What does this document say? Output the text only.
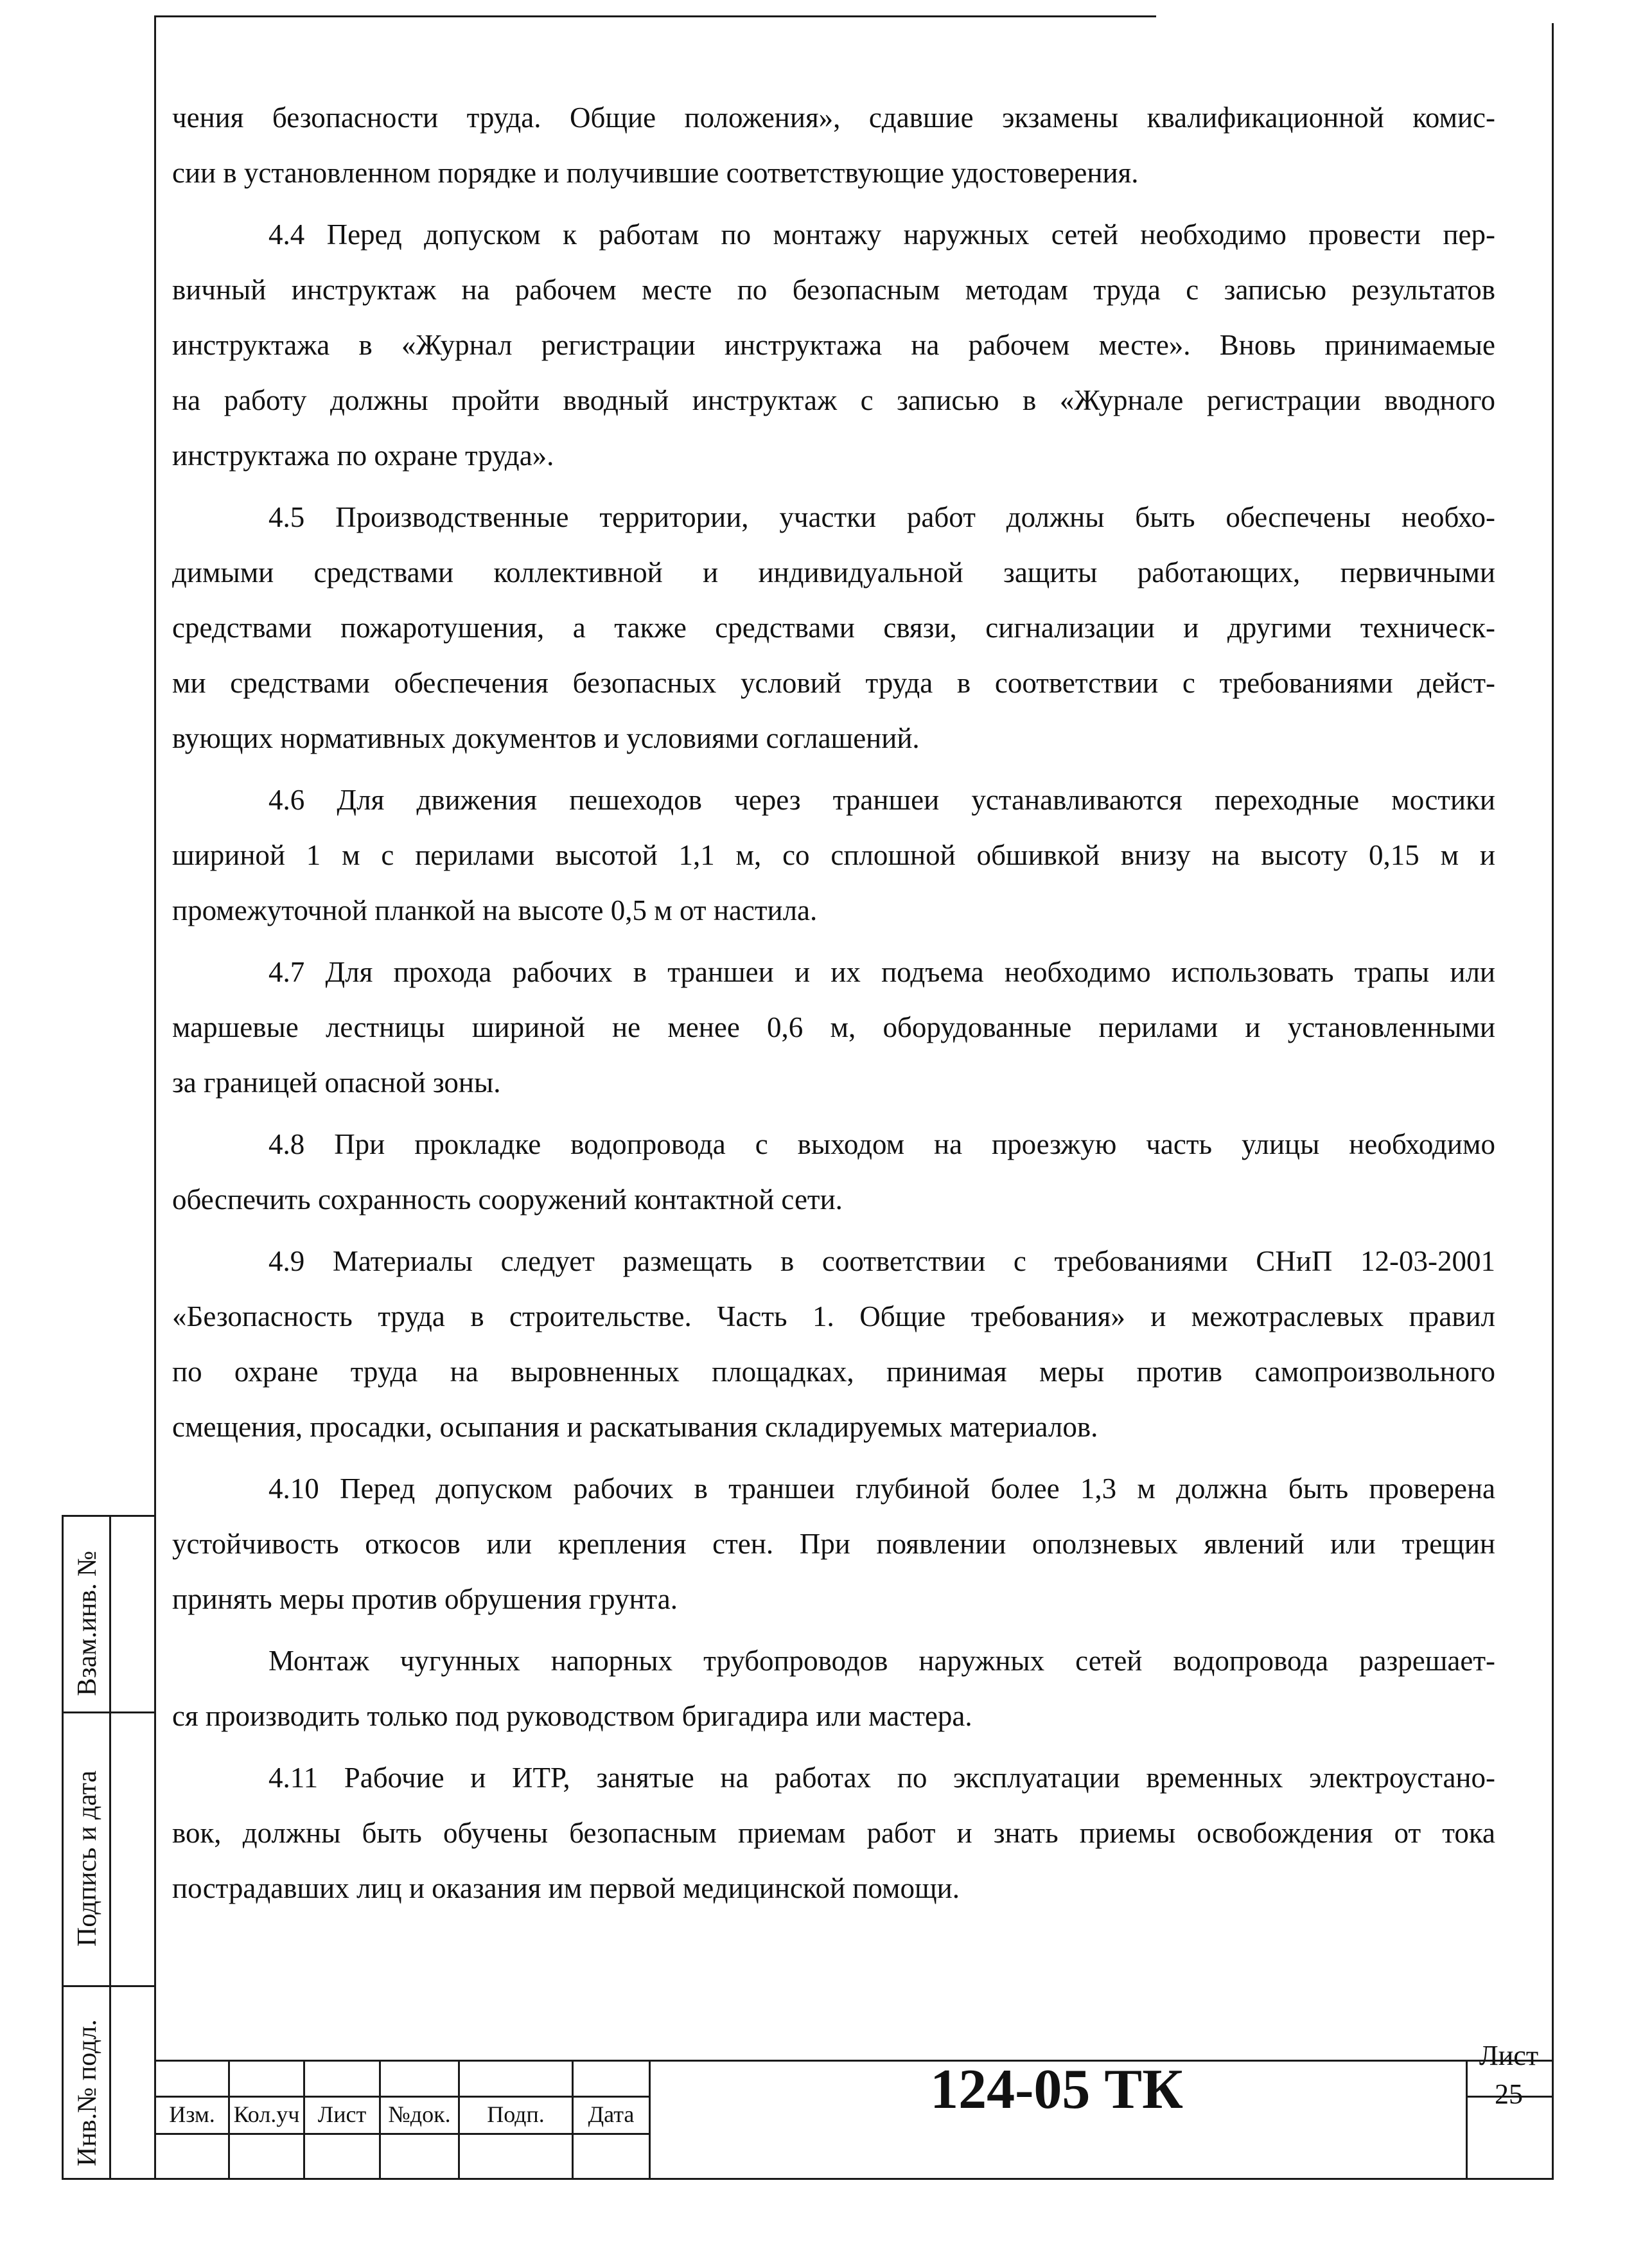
Взам.инв. №
Подпись и дата
Инв.№ подл.

чения безопасности труда. Общие положения», сдавшие экзамены квалификационной комис-
сии в установленном порядке и получившие соответствующие удостоверения.

4.4 Перед допуском к работам по монтажу наружных сетей необходимо провести пер-
вичный инструктаж на рабочем месте по безопасным методам труда с записью результатов
инструктажа в «Журнал регистрации инструктажа на рабочем месте». Вновь принимаемые
на работу должны пройти вводный инструктаж с записью в «Журнале регистрации вводного
инструктажа по охране труда».

4.5 Производственные территории, участки работ должны быть обеспечены необхо-
димыми средствами коллективной и индивидуальной защиты работающих, первичными
средствами пожаротушения, а также средствами связи, сигнализации и другими техническ-
ми средствами обеспечения безопасных условий труда в соответствии с требованиями дейст-
вующих нормативных документов и условиями соглашений.

4.6 Для движения пешеходов через траншеи устанавливаются переходные мостики
шириной 1 м с перилами высотой 1,1 м, со сплошной обшивкой внизу на высоту 0,15 м и
промежуточной планкой на высоте 0,5 м от настила.

4.7 Для прохода рабочих в траншеи и их подъема необходимо использовать трапы или
маршевые лестницы шириной не менее 0,6 м, оборудованные перилами и установленными
за границей опасной зоны.

4.8 При прокладке водопровода с выходом на проезжую часть улицы необходимо
обеспечить сохранность сооружений контактной сети.

4.9 Материалы следует размещать в соответствии с требованиями СНиП 12-03-2001
«Безопасность труда в строительстве. Часть 1. Общие требования» и межотраслевых правил
по охране труда на выровненных площадках, принимая меры против самопроизвольного
смещения, просадки, осыпания и раскатывания складируемых материалов.

4.10 Перед допуском рабочих в траншеи глубиной более 1,3 м должна быть проверена
устойчивость откосов или крепления стен. При появлении оползневых явлений или трещин
принять меры против обрушения грунта.

Монтаж чугунных напорных трубопроводов наружных сетей водопровода разрешает-
ся производить только под руководством бригадира или мастера.

4.11 Рабочие и ИТР, занятые на работах по эксплуатации временных электроустано-
вок, должны быть обучены безопасным приемам работ и знать приемы освобождения от тока
пострадавших лиц и оказания им первой медицинской помощи.

Изм. Кол.уч Лист №док.	Подп.	Дата	124-05 ТК
Лист
25
